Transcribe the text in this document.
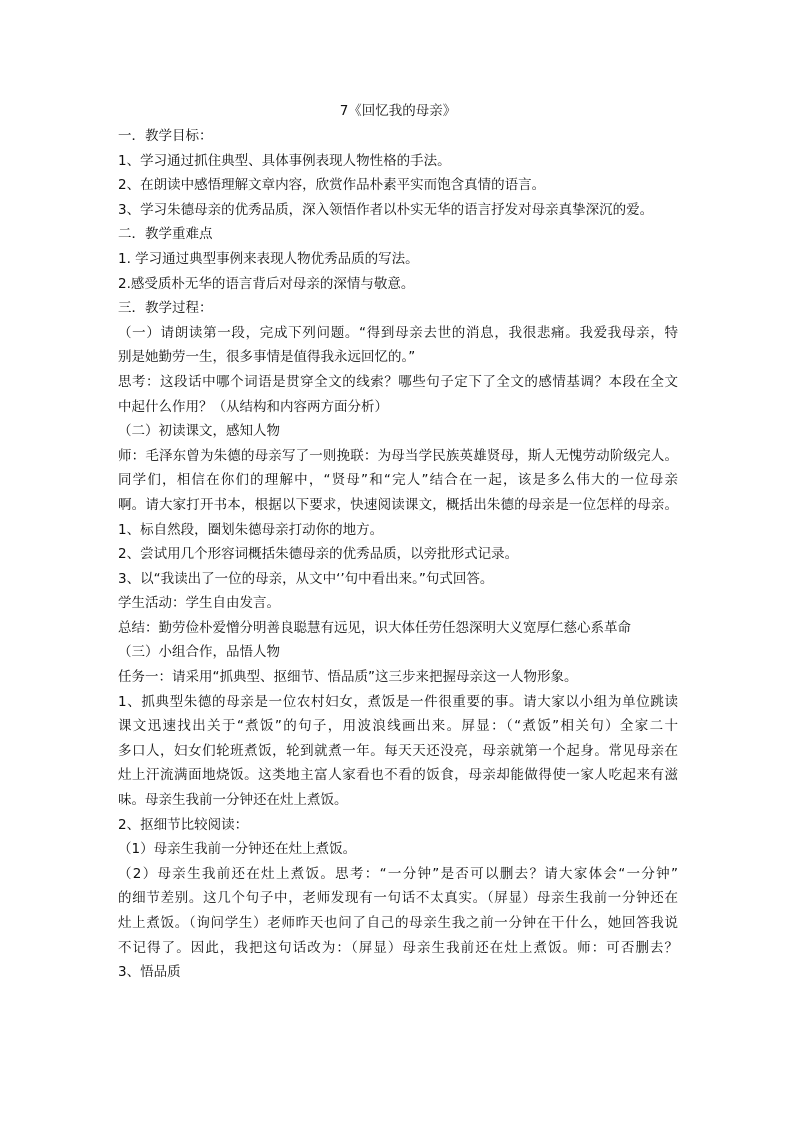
7《回忆我的母亲》

一．教学目标：

1、学习通过抓住典型、具体事例表现人物性格的手法。

2、在朗读中感悟理解文章内容，欣赏作品朴素平实而饱含真情的语言。

3、学习朱德母亲的优秀品质，深入领悟作者以朴实无华的语言抒发对母亲真挚深沉的爱。

二．教学重难点

1. 学习通过典型事例来表现人物优秀品质的写法。

2.感受质朴无华的语言背后对母亲的深情与敬意。

三．教学过程：

（一）请朗读第一段，完成下列问题。“得到母亲去世的消息，我很悲痛。我爱我母亲，特

别是她勤劳一生，很多事情是值得我永远回忆的。”

思考：这段话中哪个词语是贯穿全文的线索？哪些句子定下了全文的感情基调？本段在全文

中起什么作用？（从结构和内容两方面分析）

（二）初读课文，感知人物

师：毛泽东曾为朱德的母亲写了一则挽联：为母当学民族英雄贤母，斯人无愧劳动阶级完人。

同学们，相信在你们的理解中，“贤母”和“完人”结合在一起，该是多么伟大的一位母亲

啊。请大家打开书本，根据以下要求，快速阅读课文，概括出朱德的母亲是一位怎样的母亲。

1、标自然段，圈划朱德母亲打动你的地方。

2、尝试用几个形容词概括朱德母亲的优秀品质，以旁批形式记录。

3、以“我读出了一位的母亲，从文中‘’句中看出来。”句式回答。

学生活动：学生自由发言。

总结：勤劳俭朴爱憎分明善良聪慧有远见，识大体任劳任怨深明大义宽厚仁慈心系革命

（三）小组合作，品悟人物

任务一：请采用“抓典型、抠细节、悟品质”这三步来把握母亲这一人物形象。

1、抓典型朱德的母亲是一位农村妇女，煮饭是一件很重要的事。请大家以小组为单位跳读

课文迅速找出关于“煮饭”的句子，用波浪线画出来。屏显：（“煮饭”相关句）全家二十

多口人，妇女们轮班煮饭，轮到就煮一年。每天天还没亮，母亲就第一个起身。常见母亲在

灶上汗流满面地烧饭。这类地主富人家看也不看的饭食，母亲却能做得使一家人吃起来有滋

味。母亲生我前一分钟还在灶上煮饭。

2、抠细节比较阅读：

（1）母亲生我前一分钟还在灶上煮饭。

（2）母亲生我前还在灶上煮饭。思考：“一分钟”是否可以删去？请大家体会“一分钟”

的细节差别。这几个句子中，老师发现有一句话不太真实。（屏显）母亲生我前一分钟还在

灶上煮饭。（询问学生）老师昨天也问了自己的母亲生我之前一分钟在干什么，她回答我说

不记得了。因此，我把这句话改为：（屏显）母亲生我前还在灶上煮饭。师：可否删去？

3、悟品质
